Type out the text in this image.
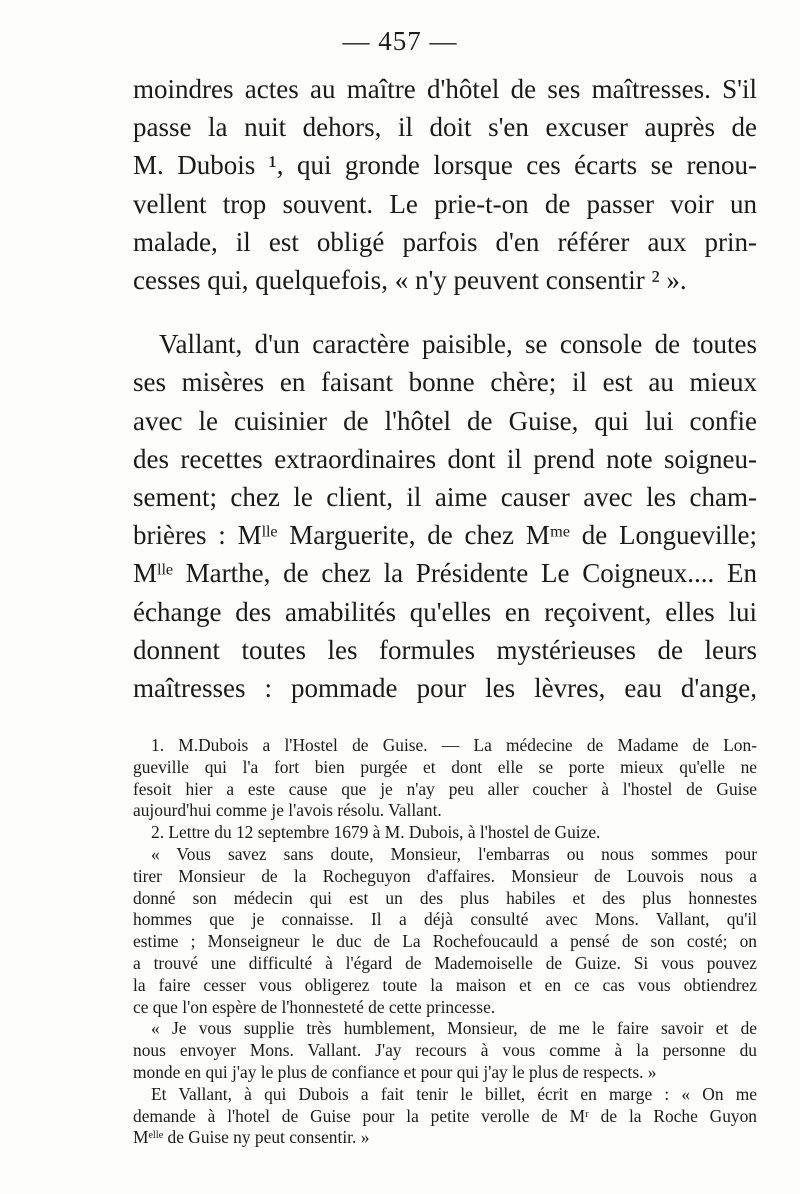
— 457 —
moindres actes au maître d'hôtel de ses maîtresses. S'il
passe la nuit dehors, il doit s'en excuser auprès de
M. Dubois ¹, qui gronde lorsque ces écarts se renou-
vellent trop souvent. Le prie-t-on de passer voir un
malade, il est obligé parfois d'en référer aux prin-
cesses qui, quelquefois, « n'y peuvent consentir ² ».
Vallant, d'un caractère paisible, se console de toutes
ses misères en faisant bonne chère; il est au mieux
avec le cuisinier de l'hôtel de Guise, qui lui confie
des recettes extraordinaires dont il prend note soigneu-
sement; chez le client, il aime causer avec les cham-
brières : Mˡˡᵉ Marguerite, de chez Mᵐᵉ de Longueville;
Mˡˡᵉ Marthe, de chez la Présidente Le Coigneux.... En
échange des amabilités qu'elles en reçoivent, elles lui
donnent toutes les formules mystérieuses de leurs
maîtresses : pommade pour les lèvres, eau d'ange,
1. M.Dubois a l'Hostel de Guise. — La médecine de Madame de Lon-
gueville qui l'a fort bien purgée et dont elle se porte mieux qu'elle ne
fesoit hier a este cause que je n'ay peu aller coucher à l'hostel de Guise
aujourd'hui comme je l'avois résolu. Vallant.
2. Lettre du 12 septembre 1679 à M. Dubois, à l'hostel de Guize.
« Vous savez sans doute, Monsieur, l'embarras ou nous sommes pour
tirer Monsieur de la Rocheguyon d'affaires. Monsieur de Louvois nous a
donné son médecin qui est un des plus habiles et des plus honnestes
hommes que je connaisse. Il a déjà consulté avec Mons. Vallant, qu'il
estime ; Monseigneur le duc de La Rochefoucauld a pensé de son costé; on
a trouvé une difficulté à l'égard de Mademoiselle de Guize. Si vous pouvez
la faire cesser vous obligerez toute la maison et en ce cas vous obtiendrez
ce que l'on espère de l'honnesteté de cette princesse.
« Je vous supplie très humblement, Monsieur, de me le faire savoir et de
nous envoyer Mons. Vallant. J'ay recours à vous comme à la personne du
monde en qui j'ay le plus de confiance et pour qui j'ay le plus de respects. »
Et Vallant, à qui Dubois a fait tenir le billet, écrit en marge : « On me
demande à l'hotel de Guise pour la petite verolle de Mʳ de la Roche Guyon
Mᵉˡˡᵉ de Guise ny peut consentir. »
